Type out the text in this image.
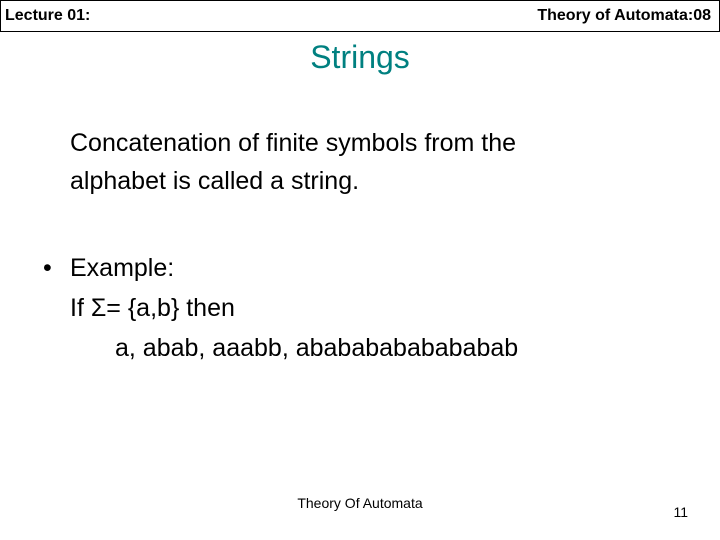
Lecture 01:	Theory of Automata:08
Strings
Concatenation of finite symbols from the
alphabet is called a string.
• Example:
If Σ= {a,b} then
a, abab, aaabb, abababababababab
Theory Of Automata
11
